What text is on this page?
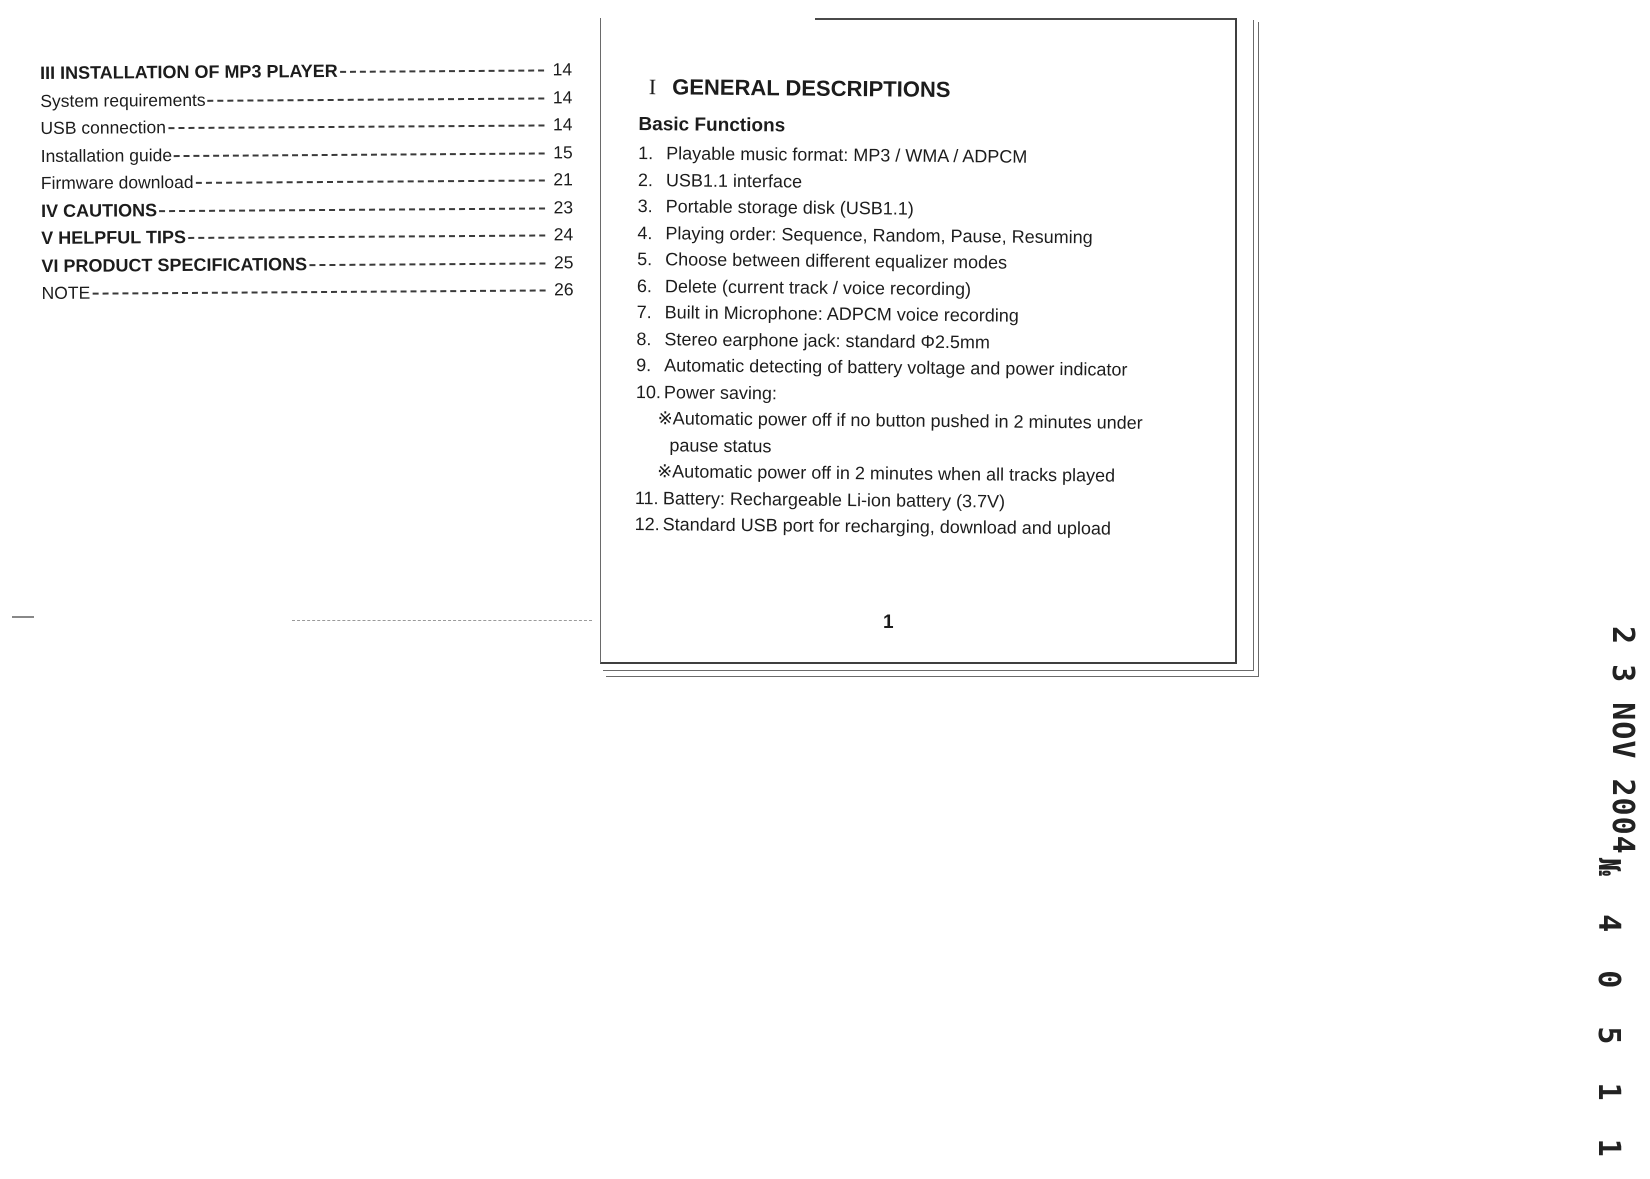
III INSTALLATION OF MP3 PLAYER	14
System requirements	14
USB connection	14
Installation guide	15
Firmware download	21
IV CAUTIONS	23
V HELPFUL TIPS	24
VI PRODUCT SPECIFICATIONS	25
NOTE	26
I GENERAL DESCRIPTIONS
Basic Functions
1. Playable music format: MP3 / WMA / ADPCM
2. USB1.1 interface
3. Portable storage disk (USB1.1)
4. Playing order: Sequence, Random, Pause, Resuming
5. Choose between different equalizer modes
6. Delete (current track / voice recording)
7. Built in Microphone: ADPCM voice recording
8. Stereo earphone jack: standard Φ2.5mm
9. Automatic detecting of battery voltage and power indicator
10. Power saving:
※Automatic power off if no button pushed in 2 minutes under
pause status
※Automatic power off in 2 minutes when all tracks played
11. Battery: Rechargeable Li-ion battery (3.7V)
12. Standard USB port for recharging, download and upload
1
2 3 NOV 2004
№ 4 0 5 1 1
